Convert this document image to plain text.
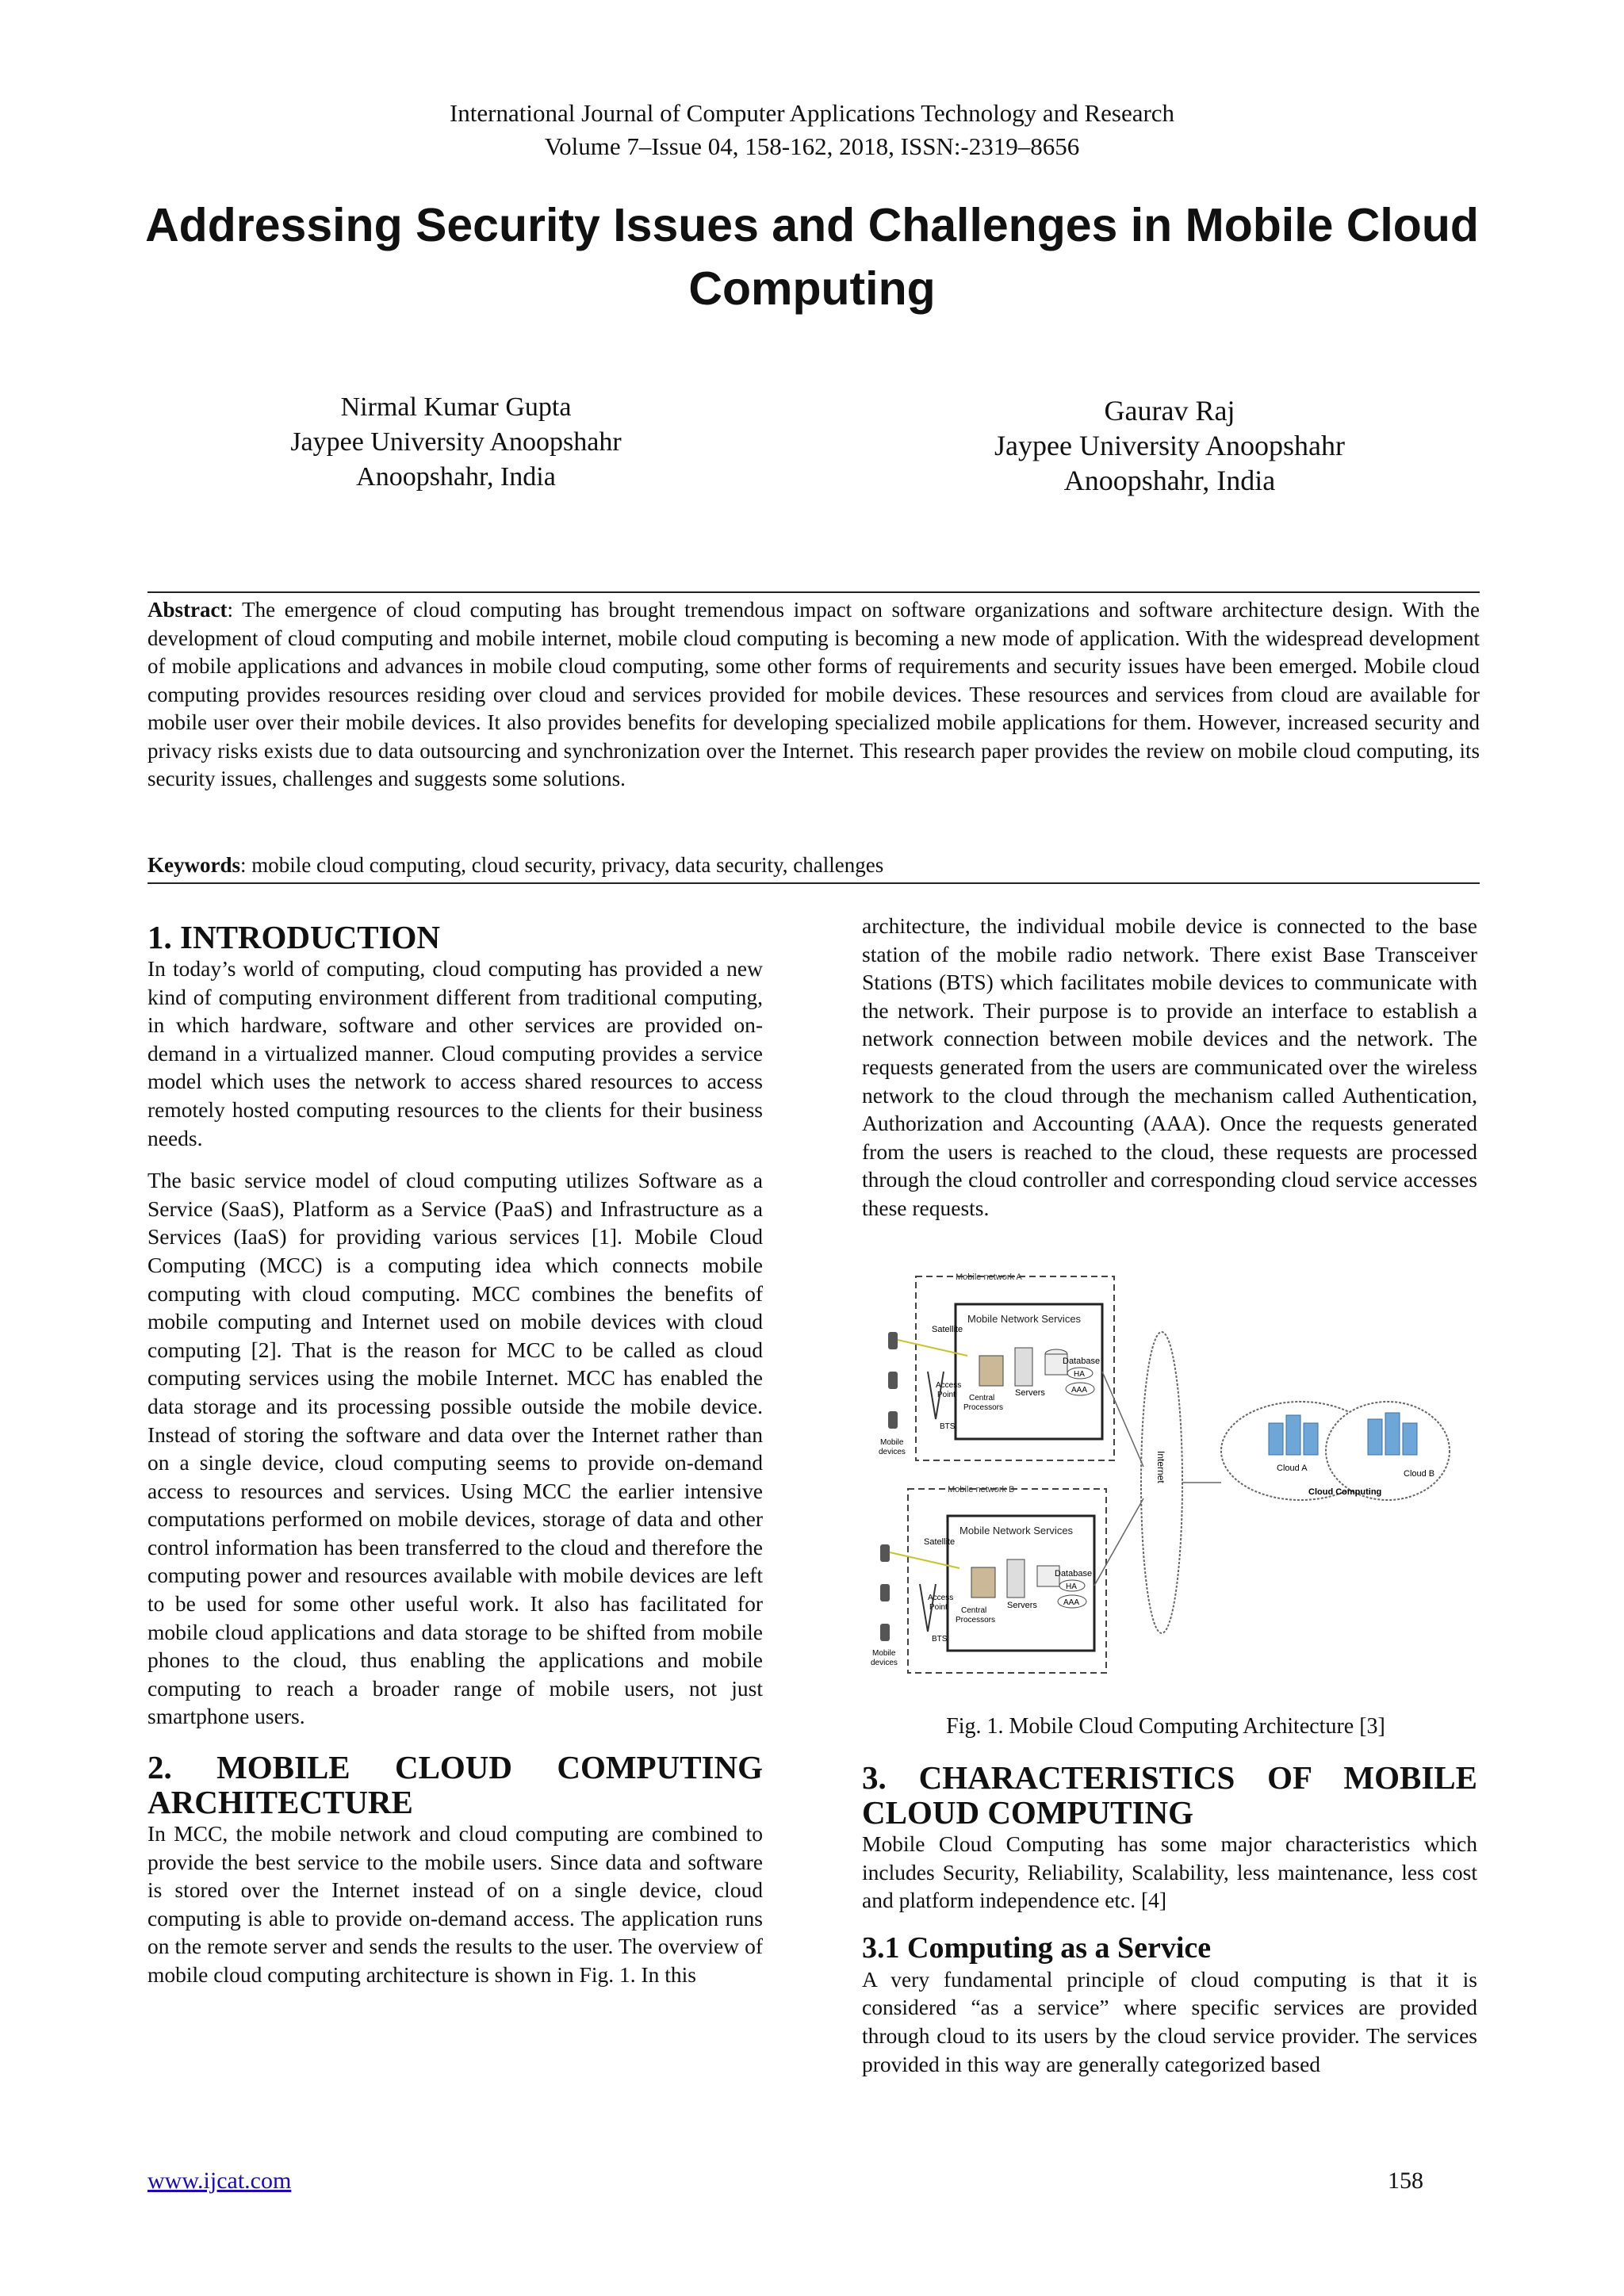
International Journal of Computer Applications Technology and Research
Volume 7–Issue 04, 158-162, 2018, ISSN:-2319–8656
Addressing Security Issues and Challenges in Mobile Cloud Computing
Nirmal Kumar Gupta
Jaypee University Anoopshahr
Anoopshahr, India
Gaurav Raj
Jaypee University Anoopshahr
Anoopshahr, India
Abstract: The emergence of cloud computing has brought tremendous impact on software organizations and software architecture design. With the development of cloud computing and mobile internet, mobile cloud computing is becoming a new mode of application. With the widespread development of mobile applications and advances in mobile cloud computing, some other forms of requirements and security issues have been emerged. Mobile cloud computing provides resources residing over cloud and services provided for mobile devices. These resources and services from cloud are available for mobile user over their mobile devices. It also provides benefits for developing specialized mobile applications for them. However, increased security and privacy risks exists due to data outsourcing and synchronization over the Internet. This research paper provides the review on mobile cloud computing, its security issues, challenges and suggests some solutions.
Keywords: mobile cloud computing, cloud security, privacy, data security, challenges
1. INTRODUCTION

In today’s world of computing, cloud computing has provided a new kind of computing environment different from traditional computing, in which hardware, software and other services are provided on-demand in a virtualized manner. Cloud computing provides a service model which uses the network to access shared resources to access remotely hosted computing resources to the clients for their business needs.

The basic service model of cloud computing utilizes Software as a Service (SaaS), Platform as a Service (PaaS) and Infrastructure as a Services (IaaS) for providing various services [1]. Mobile Cloud Computing (MCC) is a computing idea which connects mobile computing with cloud computing. MCC combines the benefits of mobile computing and Internet used on mobile devices with cloud computing [2]. That is the reason for MCC to be called as cloud computing services using the mobile Internet. MCC has enabled the data storage and its processing possible outside the mobile device. Instead of storing the software and data over the Internet rather than on a single device, cloud computing seems to provide on-demand access to resources and services. Using MCC the earlier intensive computations performed on mobile devices, storage of data and other control information has been transferred to the cloud and therefore the computing power and resources available with mobile devices are left to be used for some other useful work. It also has facilitated for mobile cloud applications and data storage to be shifted from mobile phones to the cloud, thus enabling the applications and mobile computing to reach a broader range of mobile users, not just smartphone users.

2. MOBILE CLOUD COMPUTING ARCHITECTURE

In MCC, the mobile network and cloud computing are combined to provide the best service to the mobile users. Since data and software is stored over the Internet instead of on a single device, cloud computing is able to provide on-demand access. The application runs on the remote server and sends the results to the user. The overview of mobile cloud computing architecture is shown in Fig. 1. In this

architecture, the individual mobile device is connected to the base station of the mobile radio network. There exist Base Transceiver Stations (BTS) which facilitates mobile devices to communicate with the network. Their purpose is to provide an interface to establish a network connection between mobile devices and the network. The requests generated from the users are communicated over the wireless network to the cloud through the mechanism called Authentication, Authorization and Accounting (AAA). Once the requests generated from the users is reached to the cloud, these requests are processed through the cloud controller and corresponding cloud service accesses these requests.

Mobile network A
Mobile Network Services
Database
HA
AAA
Servers
Central
Processors
Satellite
Access
Point
BTS
Mobile
devices
Mobile network B
Mobile Network Services
Database
HA
AAA
Servers
Central
Processors
Satellite
Access
Point
BTS
Mobile
devices
Internet	Cloud A
Cloud B
Cloud Computing
Fig. 1. Mobile Cloud Computing Architecture [3]
3. CHARACTERISTICS OF MOBILE CLOUD COMPUTING

Mobile Cloud Computing has some major characteristics which includes Security, Reliability, Scalability, less maintenance, less cost and platform independence etc. [4]

3.1 Computing as a Service

A very fundamental principle of cloud computing is that it is considered “as a service” where specific services are provided through cloud to its users by the cloud service provider. The services provided in this way are generally categorized based

www.ijcat.com	158
